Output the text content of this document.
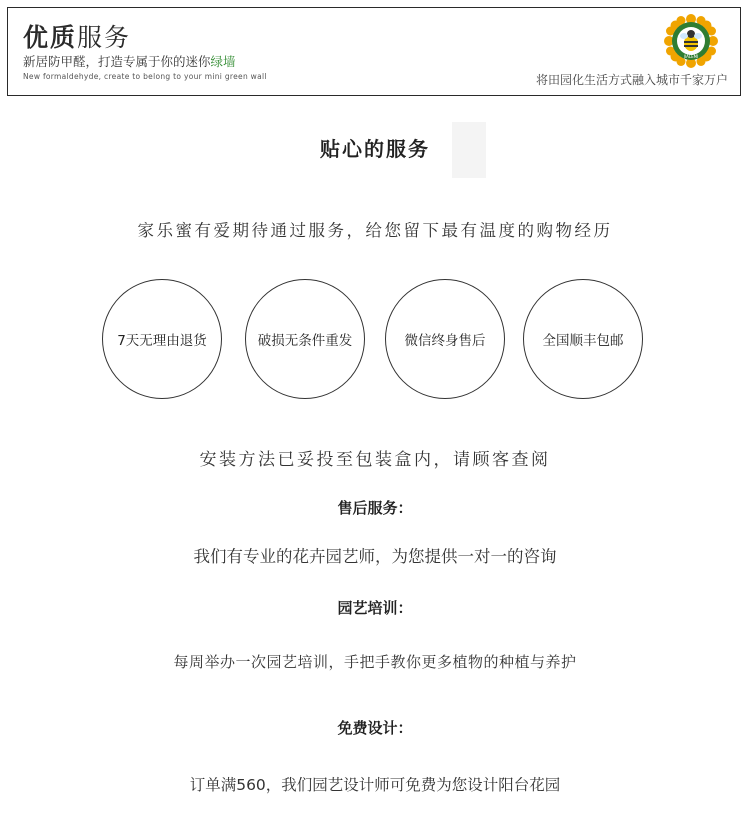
优质服务
新居防甲醛，打造专属于你的迷你绿墙
New formaldehyde, create to belong to your mini green wall
JIALEMI
将田园化生活方式融入城市千家万户
贴心的服务
家乐蜜有爱期待通过服务，给您留下最有温度的购物经历
7天无理由退货	破损无条件重发	微信终身售后	全国顺丰包邮
安装方法已妥投至包装盒内，请顾客查阅
售后服务：
我们有专业的花卉园艺师，为您提供一对一的咨询
园艺培训：
每周举办一次园艺培训，手把手教你更多植物的种植与养护
免费设计：
订单满560，我们园艺设计师可免费为您设计阳台花园
